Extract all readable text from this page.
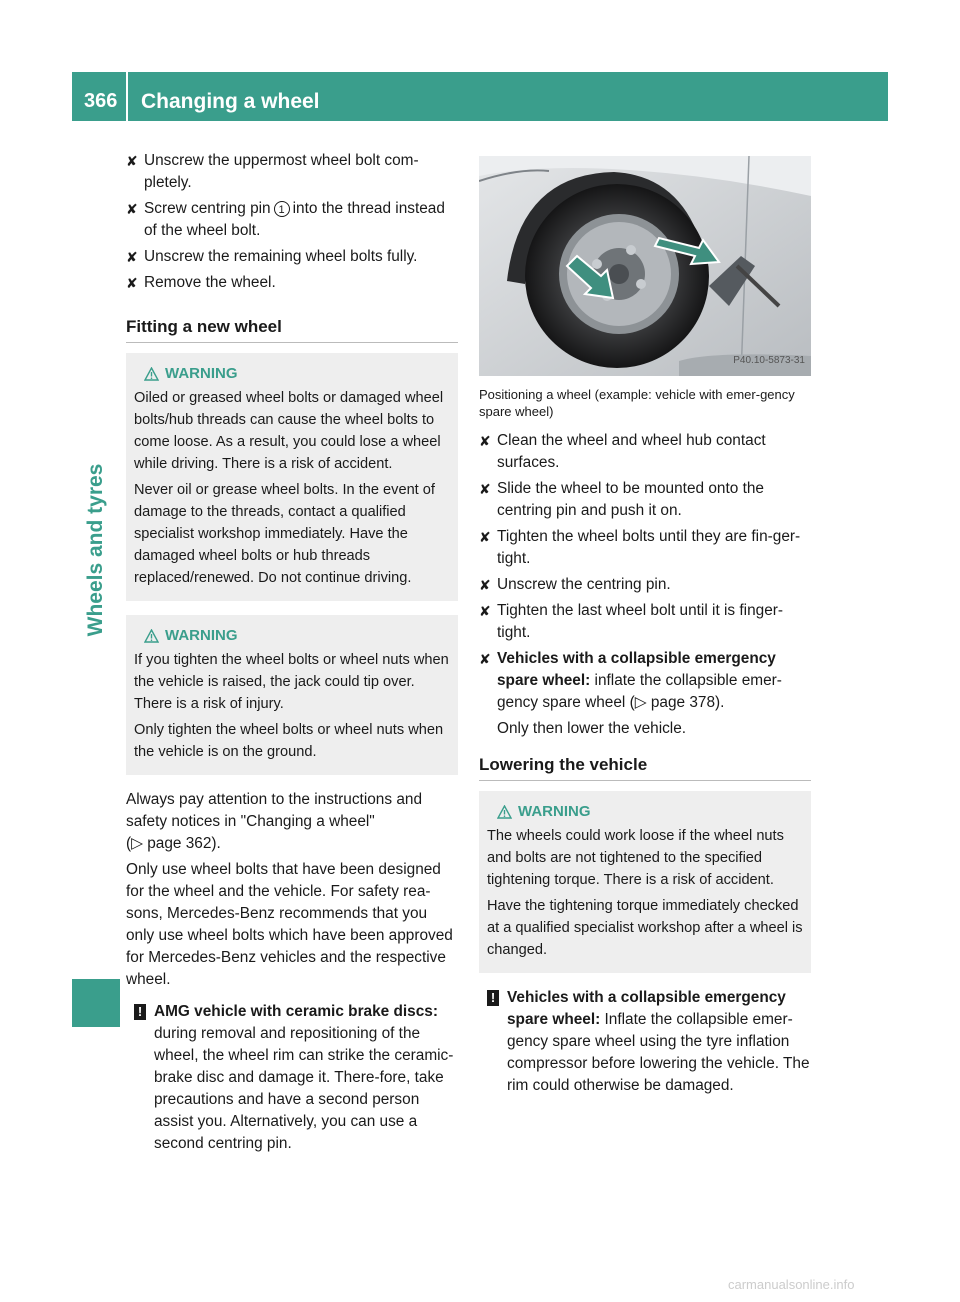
366 Changing a wheel
Wheels and tyres
✘ Unscrew the uppermost wheel bolt com-pletely.
✘ Screw centring pin 1 into the thread instead of the wheel bolt.
✘ Unscrew the remaining wheel bolts fully.
✘ Remove the wheel.
Fitting a new wheel
WARNING

Oiled or greased wheel bolts or damaged wheel bolts/hub threads can cause the wheel bolts to come loose. As a result, you could lose a wheel while driving. There is a risk of accident.

Never oil or grease wheel bolts. In the event of damage to the threads, contact a qualified specialist workshop immediately. Have the damaged wheel bolts or hub threads replaced/renewed. Do not continue driving.

WARNING

If you tighten the wheel bolts or wheel nuts when the vehicle is raised, the jack could tip over. There is a risk of injury.

Only tighten the wheel bolts or wheel nuts when the vehicle is on the ground.

Always pay attention to the instructions and safety notices in "Changing a wheel"
(▷ page 362).

Only use wheel bolts that have been designed for the wheel and the vehicle. For safety rea-sons, Mercedes-Benz recommends that you only use wheel bolts which have been approved for Mercedes-Benz vehicles and the respective wheel.

! AMG vehicle with ceramic brake discs: during removal and repositioning of the wheel, the wheel rim can strike the ceramic-brake disc and damage it. There-fore, take precautions and have a second person assist you. Alternatively, you can use a second centring pin.
P40.10-5873-31

Positioning a wheel (example: vehicle with emer-gency spare wheel)

✘ Clean the wheel and wheel hub contact surfaces.
✘ Slide the wheel to be mounted onto the centring pin and push it on.
✘ Tighten the wheel bolts until they are fin-ger-tight.
✘ Unscrew the centring pin.
✘ Tighten the last wheel bolt until it is finger-tight.
✘ Vehicles with a collapsible emergency spare wheel: inflate the collapsible emer-gency spare wheel (▷ page 378).

Only then lower the vehicle.

Lowering the vehicle
WARNING

The wheels could work loose if the wheel nuts and bolts are not tightened to the specified tightening torque. There is a risk of accident.

Have the tightening torque immediately checked at a qualified specialist workshop after a wheel is changed.

! Vehicles with a collapsible emergency spare wheel: Inflate the collapsible emer-gency spare wheel using the tyre inflation compressor before lowering the vehicle. The rim could otherwise be damaged.
carmanualsonline.info
